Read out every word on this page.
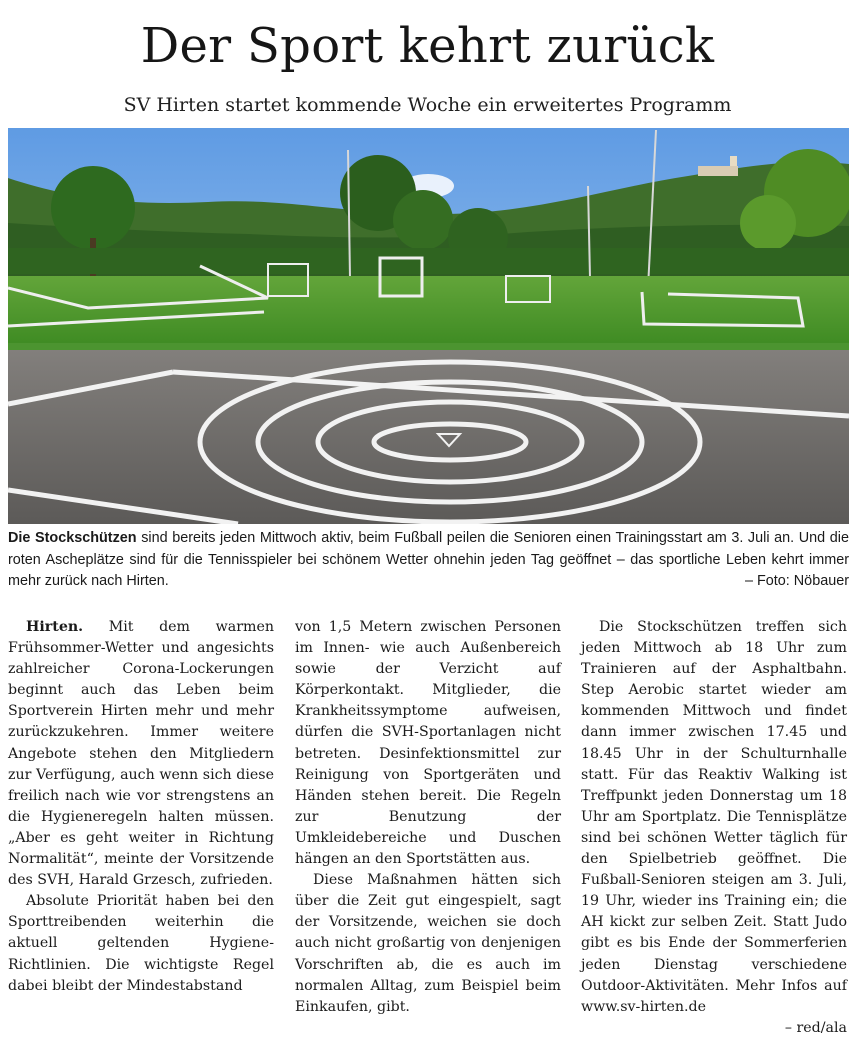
Der Sport kehrt zurück
SV Hirten startet kommende Woche ein erweitertes Programm
Die Stockschützen sind bereits jeden Mittwoch aktiv, beim Fußball peilen die Senioren einen Trainingsstart am 3. Juli an. Und die roten Ascheplätze sind für die Tennisspieler bei schönem Wetter ohnehin jeden Tag geöffnet – das sportliche Leben kehrt immer mehr zurück nach Hirten.	– Foto: Nöbauer

Hirten. Mit dem warmen Frühsommer-Wetter und angesichts zahlreicher Corona-Lockerungen beginnt auch das Leben beim Sportverein Hirten mehr und mehr zurückzukehren. Immer weitere Angebote stehen den Mitgliedern zur Verfügung, auch wenn sich diese freilich nach wie vor strengstens an die Hygieneregeln halten müssen. „Aber es geht weiter in Richtung Normalität“, meinte der Vorsitzende des SVH, Harald Grzesch, zufrieden.

Absolute Priorität haben bei den Sporttreibenden weiterhin die aktuell geltenden Hygiene-Richtlinien. Die wichtigste Regel dabei bleibt der Mindestabstand

von 1,5 Metern zwischen Personen im Innen- wie auch Außenbereich sowie der Verzicht auf Körperkontakt. Mitglieder, die Krankheitssymptome aufweisen, dürfen die SVH-Sportanlagen nicht betreten. Desinfektionsmittel zur Reinigung von Sportgeräten und Händen stehen bereit. Die Regeln zur Benutzung der Umkleidebereiche und Duschen hängen an den Sportstätten aus.

Diese Maßnahmen hätten sich über die Zeit gut eingespielt, sagt der Vorsitzende, weichen sie doch auch nicht großartig von denjenigen Vorschriften ab, die es auch im normalen Alltag, zum Beispiel beim Einkaufen, gibt.

Die Stockschützen treffen sich jeden Mittwoch ab 18 Uhr zum Trainieren auf der Asphaltbahn. Step Aerobic startet wieder am kommenden Mittwoch und findet dann immer zwischen 17.45 und 18.45 Uhr in der Schulturnhalle statt. Für das Reaktiv Walking ist Treffpunkt jeden Donnerstag um 18 Uhr am Sportplatz. Die Tennisplätze sind bei schönen Wetter täglich für den Spielbetrieb geöffnet. Die Fußball-Senioren steigen am 3. Juli, 19 Uhr, wieder ins Training ein; die AH kickt zur selben Zeit. Statt Judo gibt es bis Ende der Sommerferien jeden Dienstag verschiedene Outdoor-Aktivitäten. Mehr Infos auf www.sv-hirten.de

– red/ala
